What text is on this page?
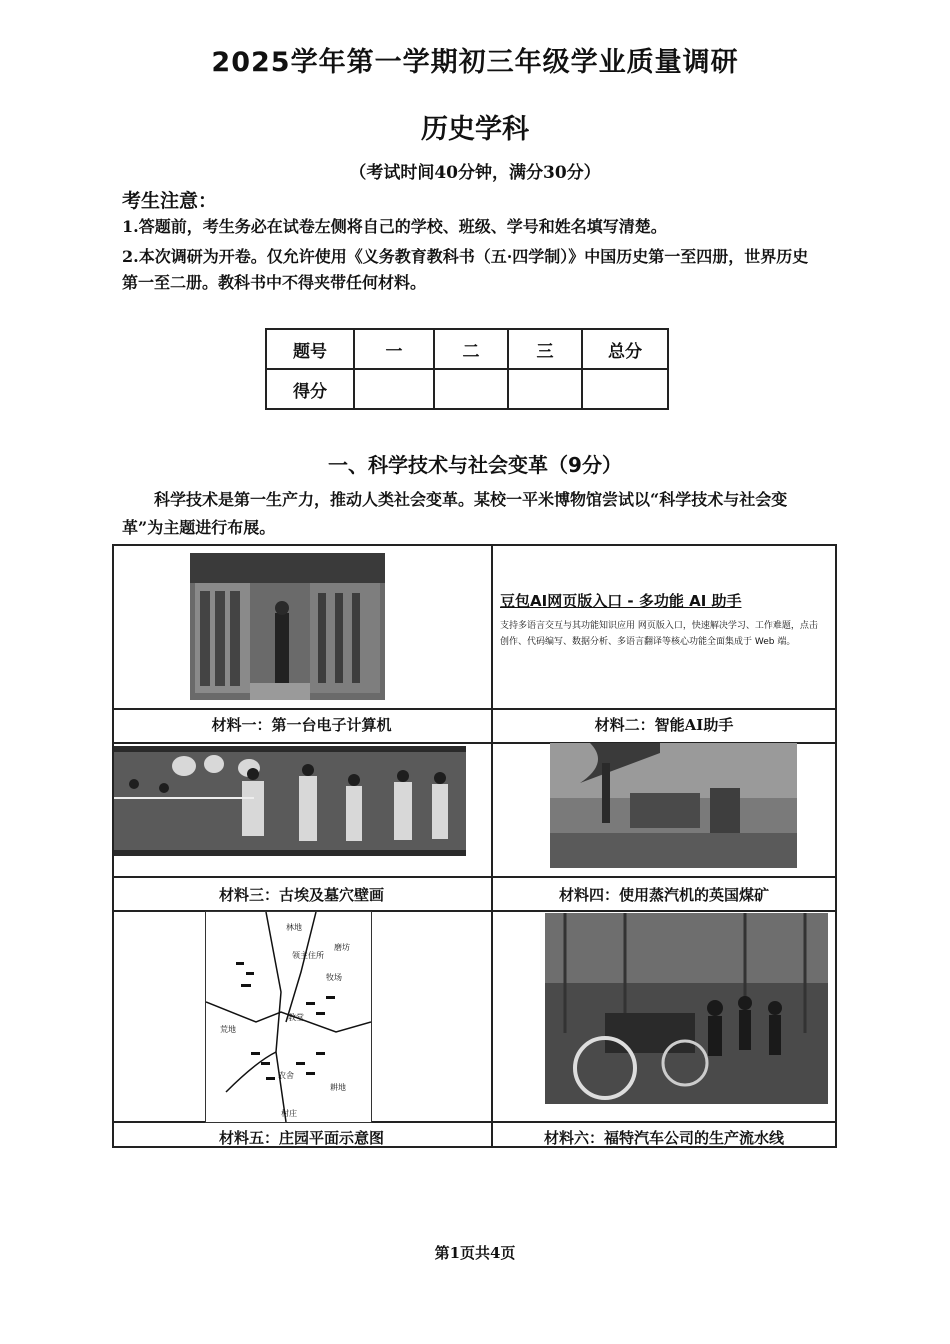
2025学年第一学期初三年级学业质量调研
历史学科
（考试时间40分钟，满分30分）
考生注意：
1.答题前，考生务必在试卷左侧将自己的学校、班级、学号和姓名填写清楚。
2.本次调研为开卷。仅允许使用《义务教育教科书（五·四学制）》中国历史第一至四册，世界历史第一至二册。教科书中不得夹带任何材料。
题号	一	二	三	总分
得分				
一、科学技术与社会变革（9分）
科学技术是第一生产力，推动人类社会变革。某校一平米博物馆尝试以“科学技术与社会变革”为主题进行布展。
豆包AI网页版入口 - 多功能 AI 助手
支持多语言交互与其功能知识应用 网页版入口，快速解决学习、工作难题，点击创作、代码编写、数据分析、多语言翻译等核心功能全面集成于 Web 端。
材料一：第一台电子计算机	材料二：智能AI助手
材料三：古埃及墓穴壁画	材料四：使用蒸汽机的英国煤矿
林地
领主住所
磨坊
教堂
牧场
荒地
耕地
农舍
村庄
材料五：庄园平面示意图	材料六：福特汽车公司的生产流水线
第1页共4页
